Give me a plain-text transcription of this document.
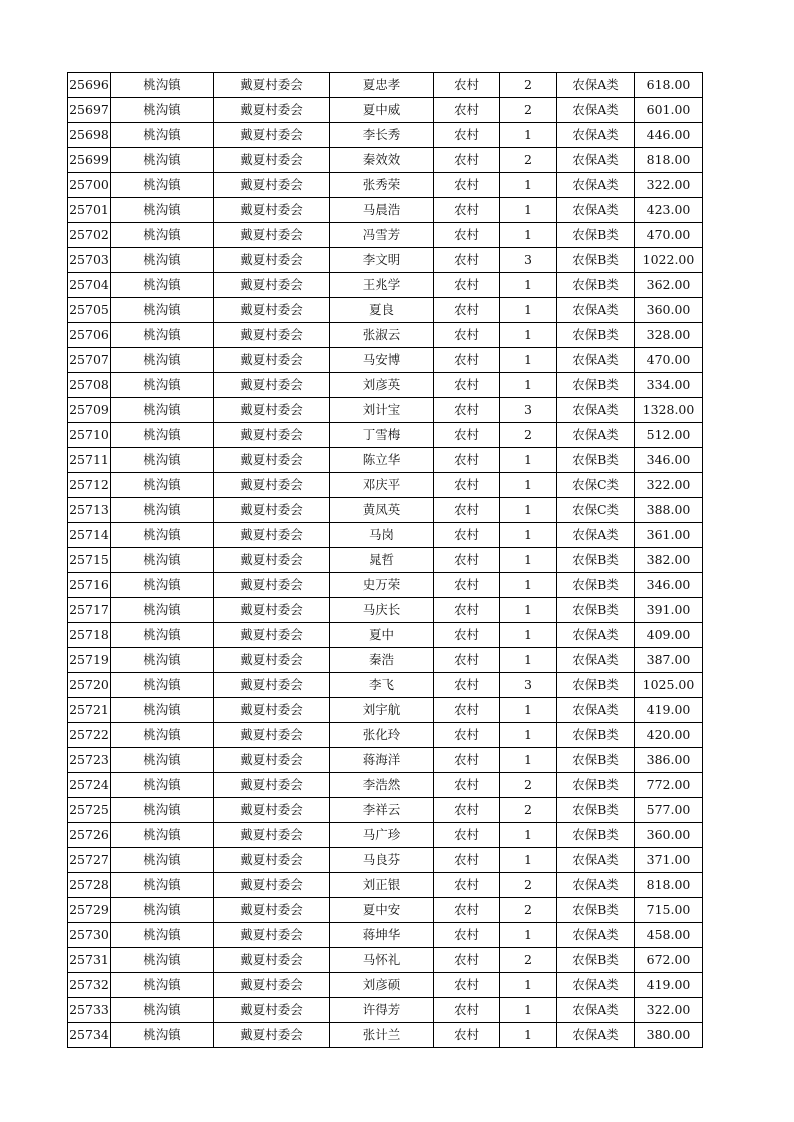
25696	桃沟镇	戴夏村委会	夏忠孝	农村	2	农保A类	618.00
25697	桃沟镇	戴夏村委会	夏中威	农村	2	农保A类	601.00
25698	桃沟镇	戴夏村委会	李长秀	农村	1	农保A类	446.00
25699	桃沟镇	戴夏村委会	秦效效	农村	2	农保A类	818.00
25700	桃沟镇	戴夏村委会	张秀荣	农村	1	农保A类	322.00
25701	桃沟镇	戴夏村委会	马晨浩	农村	1	农保A类	423.00
25702	桃沟镇	戴夏村委会	冯雪芳	农村	1	农保B类	470.00
25703	桃沟镇	戴夏村委会	李文明	农村	3	农保B类	1022.00
25704	桃沟镇	戴夏村委会	王兆学	农村	1	农保B类	362.00
25705	桃沟镇	戴夏村委会	夏良	农村	1	农保A类	360.00
25706	桃沟镇	戴夏村委会	张淑云	农村	1	农保B类	328.00
25707	桃沟镇	戴夏村委会	马安博	农村	1	农保A类	470.00
25708	桃沟镇	戴夏村委会	刘彦英	农村	1	农保B类	334.00
25709	桃沟镇	戴夏村委会	刘计宝	农村	3	农保A类	1328.00
25710	桃沟镇	戴夏村委会	丁雪梅	农村	2	农保A类	512.00
25711	桃沟镇	戴夏村委会	陈立华	农村	1	农保B类	346.00
25712	桃沟镇	戴夏村委会	邓庆平	农村	1	农保C类	322.00
25713	桃沟镇	戴夏村委会	黄凤英	农村	1	农保C类	388.00
25714	桃沟镇	戴夏村委会	马岗	农村	1	农保A类	361.00
25715	桃沟镇	戴夏村委会	晁哲	农村	1	农保B类	382.00
25716	桃沟镇	戴夏村委会	史万荣	农村	1	农保B类	346.00
25717	桃沟镇	戴夏村委会	马庆长	农村	1	农保B类	391.00
25718	桃沟镇	戴夏村委会	夏中	农村	1	农保A类	409.00
25719	桃沟镇	戴夏村委会	秦浩	农村	1	农保A类	387.00
25720	桃沟镇	戴夏村委会	李飞	农村	3	农保B类	1025.00
25721	桃沟镇	戴夏村委会	刘宇航	农村	1	农保A类	419.00
25722	桃沟镇	戴夏村委会	张化玲	农村	1	农保B类	420.00
25723	桃沟镇	戴夏村委会	蒋海洋	农村	1	农保B类	386.00
25724	桃沟镇	戴夏村委会	李浩然	农村	2	农保B类	772.00
25725	桃沟镇	戴夏村委会	李祥云	农村	2	农保B类	577.00
25726	桃沟镇	戴夏村委会	马广珍	农村	1	农保B类	360.00
25727	桃沟镇	戴夏村委会	马良芬	农村	1	农保A类	371.00
25728	桃沟镇	戴夏村委会	刘正银	农村	2	农保A类	818.00
25729	桃沟镇	戴夏村委会	夏中安	农村	2	农保B类	715.00
25730	桃沟镇	戴夏村委会	蒋坤华	农村	1	农保A类	458.00
25731	桃沟镇	戴夏村委会	马怀礼	农村	2	农保B类	672.00
25732	桃沟镇	戴夏村委会	刘彦硕	农村	1	农保A类	419.00
25733	桃沟镇	戴夏村委会	许得芳	农村	1	农保A类	322.00
25734	桃沟镇	戴夏村委会	张计兰	农村	1	农保A类	380.00
